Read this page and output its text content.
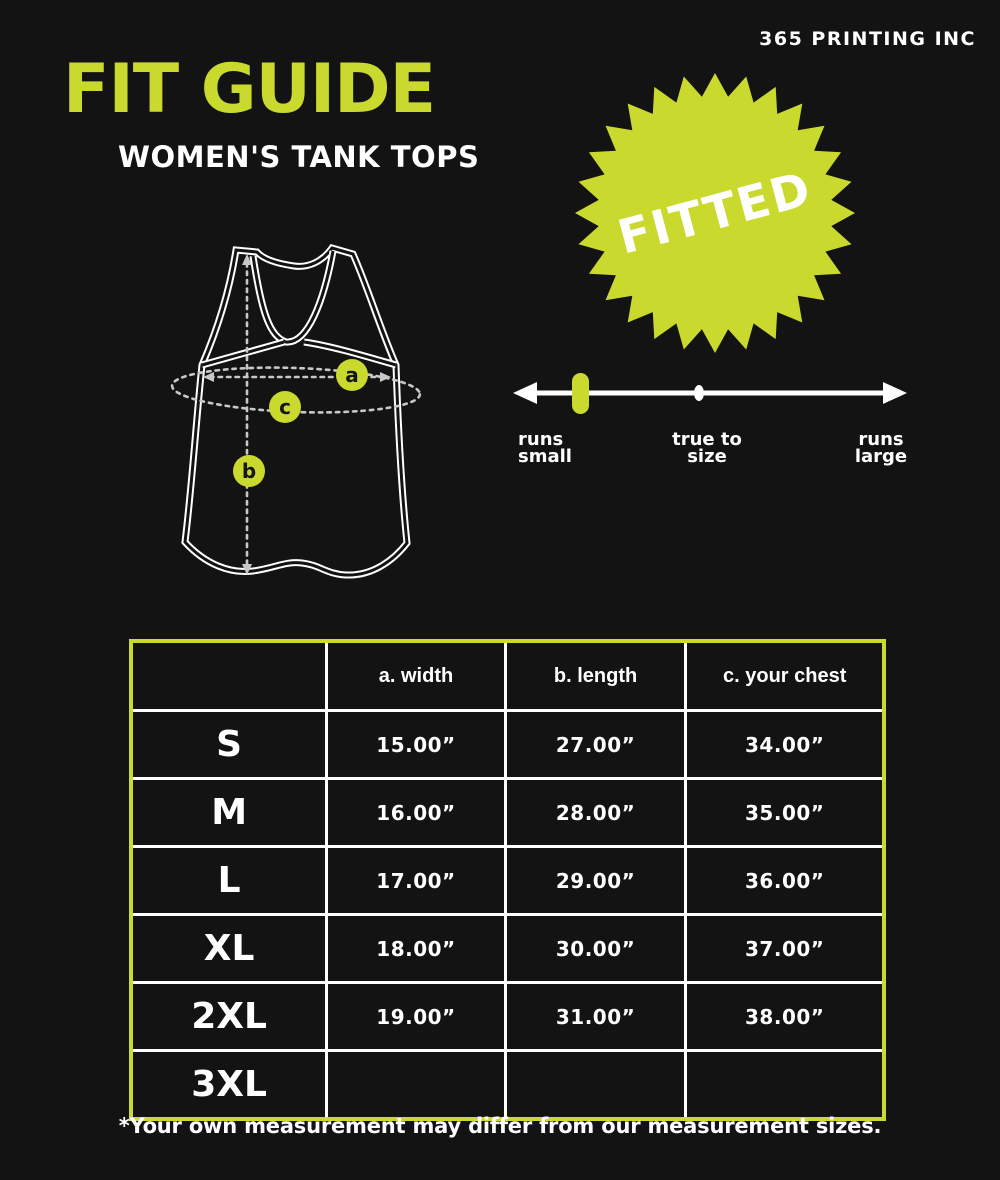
365 PRINTING INC
FIT GUIDE
WOMEN'S TANK TOPS
a
c
b
FITTED
runs
small
true to
size
runs
large
	a. width	b. length	c. your chest
S	15.00”	27.00”	34.00”
M	16.00”	28.00”	35.00”
L	17.00”	29.00”	36.00”
XL	18.00”	30.00”	37.00”
2XL	19.00”	31.00”	38.00”
3XL			
*Your own measurement may differ from our measurement sizes.
